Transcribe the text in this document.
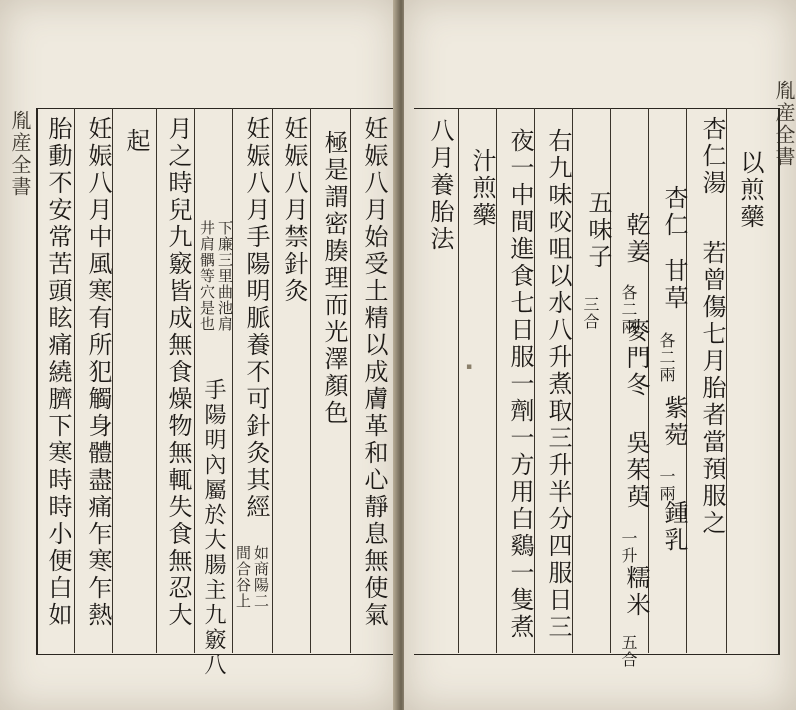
胤産全書	妊娠八月始受土精以成膚革和心靜息無使氣
極是謂密腠理而光澤顏色
妊娠八月禁針灸
妊娠八月手陽明脈養不可針灸其經
如商陽二
間合谷上
下廉三里曲池肩
井肩髃等穴是也
手陽明內屬於大腸主九竅八
月之時兒九竅皆成無食燥物無輒失食無忍大
起
妊娠八月中風寒有所犯觸身體盡痛乍寒乍熱
胎動不安常苦頭眩痛繞臍下寒時時小便白如	胤産全書
以煎藥
杏仁湯
若曾傷七月胎者當預服之
杏仁
甘草
各二兩
紫菀
一兩
鍾乳
乾姜
各二兩
麥門冬
吳茱萸
一升
糯米
五合
五味子
三合
右九味㕮咀以水八升煮取三升半分四服日三
夜一中間進食七日服一劑一方用白鷄一隻煮
汁煎藥
八月養胎法
▪
